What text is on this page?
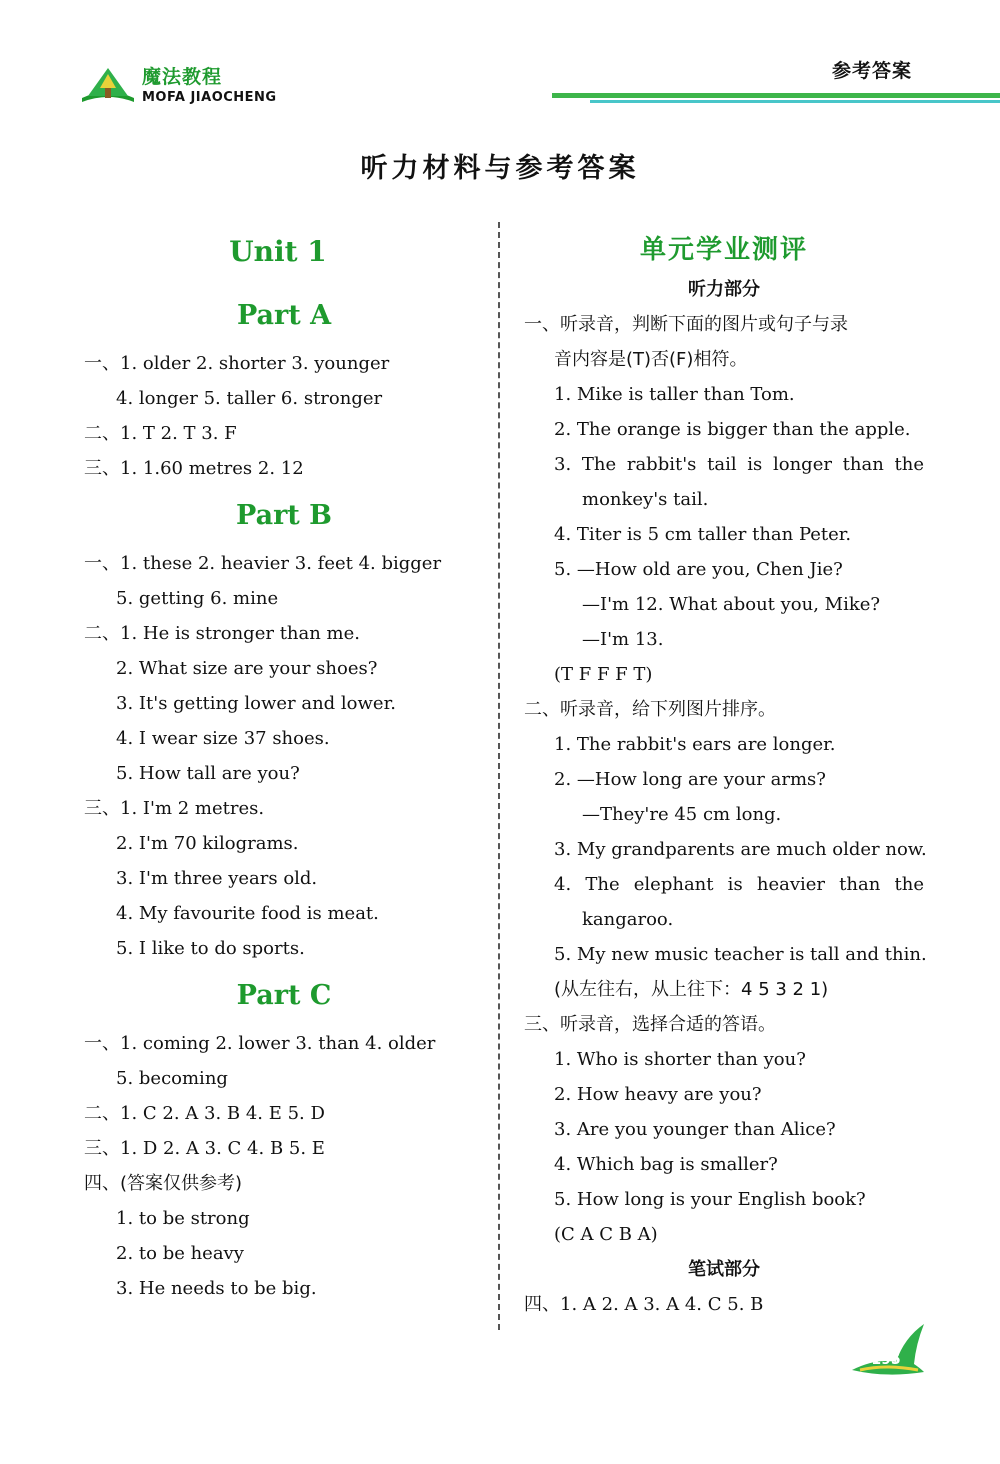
魔法教程
MOFA JIAOCHENG
参考答案
听力材料与参考答案
Unit 1
Part A
一、1. older 2. shorter 3. younger
4. longer 5. taller 6. stronger
二、1. T 2. T 3. F
三、1. 1.60 metres 2. 12
Part B
一、1. these 2. heavier 3. feet 4. bigger
5. getting 6. mine
二、1. He is stronger than me.
2. What size are your shoes?
3. It's getting lower and lower.
4. I wear size 37 shoes.
5. How tall are you?
三、1. I'm 2 metres.
2. I'm 70 kilograms.
3. I'm three years old.
4. My favourite food is meat.
5. I like to do sports.
Part C
一、1. coming 2. lower 3. than 4. older
5. becoming
二、1. C 2. A 3. B 4. E 5. D
三、1. D 2. A 3. C 4. B 5. E
四、(答案仅供参考)
1. to be strong
2. to be heavy
3. He needs to be big.
单元学业测评
听力部分
一、听录音，判断下面的图片或句子与录
音内容是(T)否(F)相符。
1. Mike is taller than Tom.
2. The orange is bigger than the apple.
3. The rabbit's tail is longer than the
monkey's tail.
4. Titer is 5 cm taller than Peter.
5. —How old are you, Chen Jie?
—I'm 12. What about you, Mike?
—I'm 13.
(T F F F T)
二、听录音，给下列图片排序。
1. The rabbit's ears are longer.
2. —How long are your arms?
—They're 45 cm long.
3. My grandparents are much older now.
4. The elephant is heavier than the
kangaroo.
5. My new music teacher is tall and thin.
(从左往右，从上往下：4 5 3 2 1)
三、听录音，选择合适的答语。
1. Who is shorter than you?
2. How heavy are you?
3. Are you younger than Alice?
4. Which bag is smaller?
5. How long is your English book?
(C A C B A)
笔试部分
四、1. A 2. A 3. A 4. C 5. B
195
